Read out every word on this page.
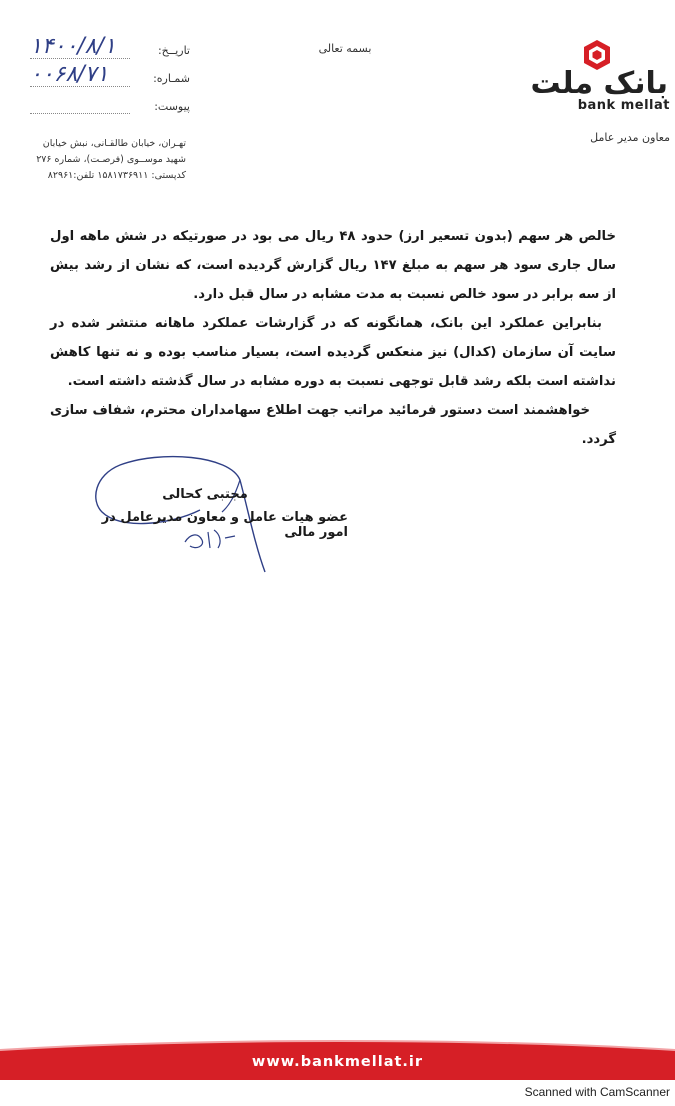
بانک ملت
bank mellat
معاون مدیر عامل
بسمه تعالی
تاریــخ:
۱۴۰۰/۸/۱
شمـاره:
۰۰۶۸/۷۱
پیوست:
تهـران، خیابان طالقـانی، نبش خیابان
شهید موســوی (فرصـت)، شماره ۲۷۶
کدپستی: ۱۵۸۱۷۳۶۹۱۱ تلفن:۸۲۹۶۱

خالص هر سهم (بدون تسعیر ارز) حدود ۴۸ ریال می بود در صورتیکه در شش ماهه اول سال جاری سود هر سهم به مبلغ ۱۴۷ ریال گزارش گردیده است، که نشان از رشد بیش از سه برابر در سود خالص نسبت به مدت مشابه در سال قبل دارد.

بنابراین عملکرد این بانک، همانگونه که در گزارشات عملکرد ماهانه منتشر شده در سایت آن سازمان (کدال) نیز منعکس گردیده است، بسیار مناسب بوده و نه تنها کاهش نداشته است بلکه رشد قابل توجهی نسبت به دوره مشابه در سال گذشته داشته است.

خواهشمند است دستور فرمائید مراتب جهت اطلاع سهامداران محترم، شفاف سازی گردد.

مجتبی کحالی
عضو هیات عامل و معاون مدیرعامل در امور مالی
www.bankmellat.ir
Scanned with CamScanner
